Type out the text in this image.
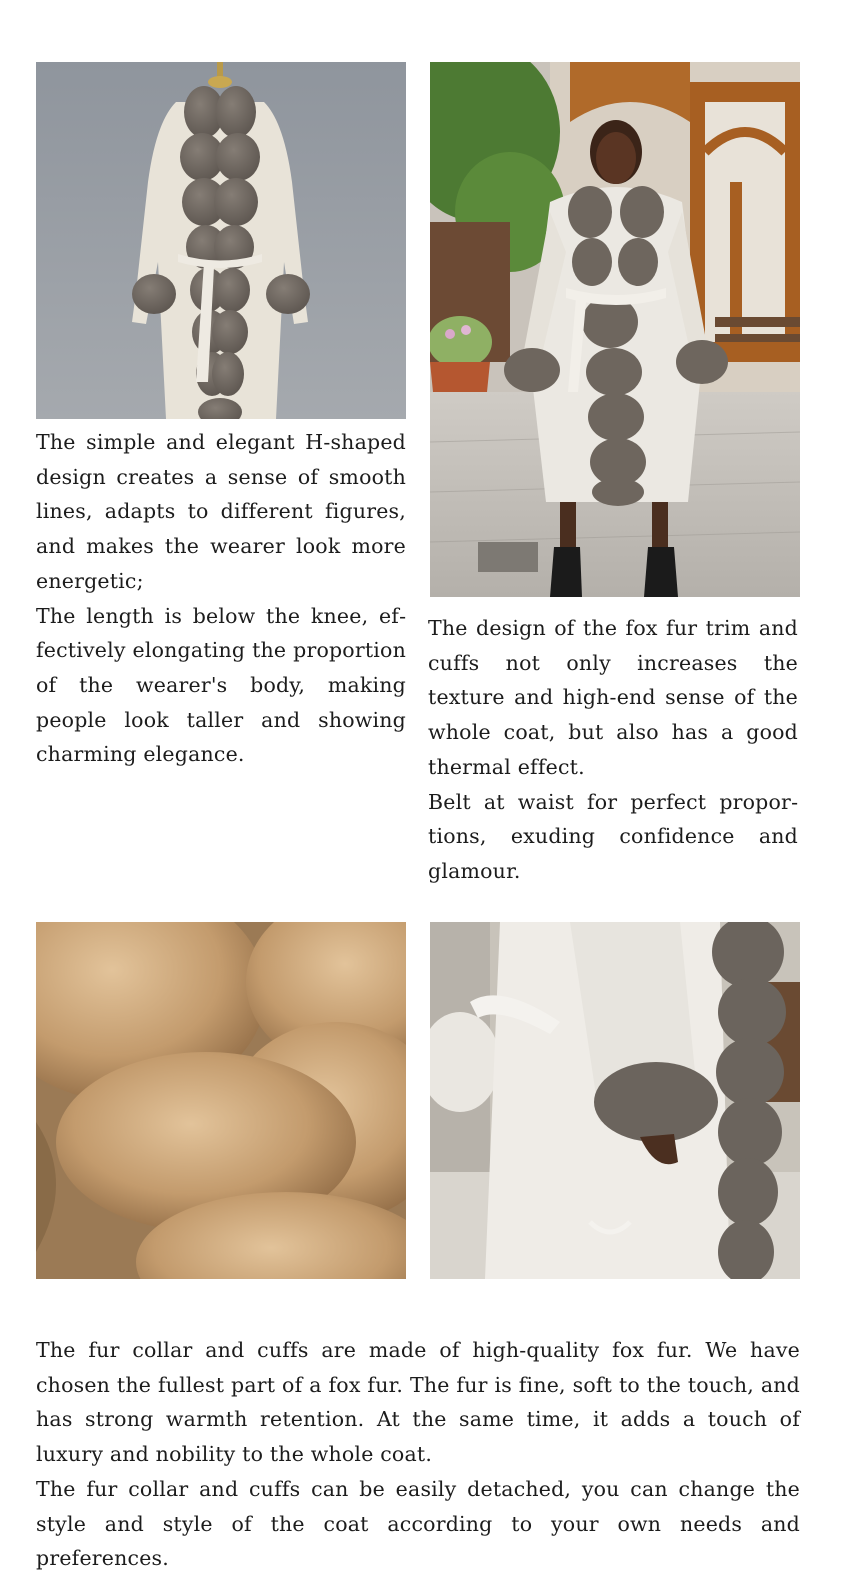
The simple and elegant H-shaped design creates a sense of smooth lines, adapts to different figures, and makes the wearer look more energetic;

The length is below the knee, effectively elongating the proportion of the wearer's body, making people look taller and showing charming elegance.

The design of the fox fur trim and cuffs not only increases the texture and high-end sense of the whole coat, but also has a good thermal effect.

Belt at waist for perfect proportions, exuding confidence and glamour.

The fur collar and cuffs are made of high-quality fox fur. We have chosen the fullest part of a fox fur. The fur is fine, soft to the touch, and has strong warmth retention. At the same time, it adds a touch of luxury and nobility to the whole coat.

The fur collar and cuffs can be easily detached, you can change the style and style of the coat according to your own needs and preferences.
